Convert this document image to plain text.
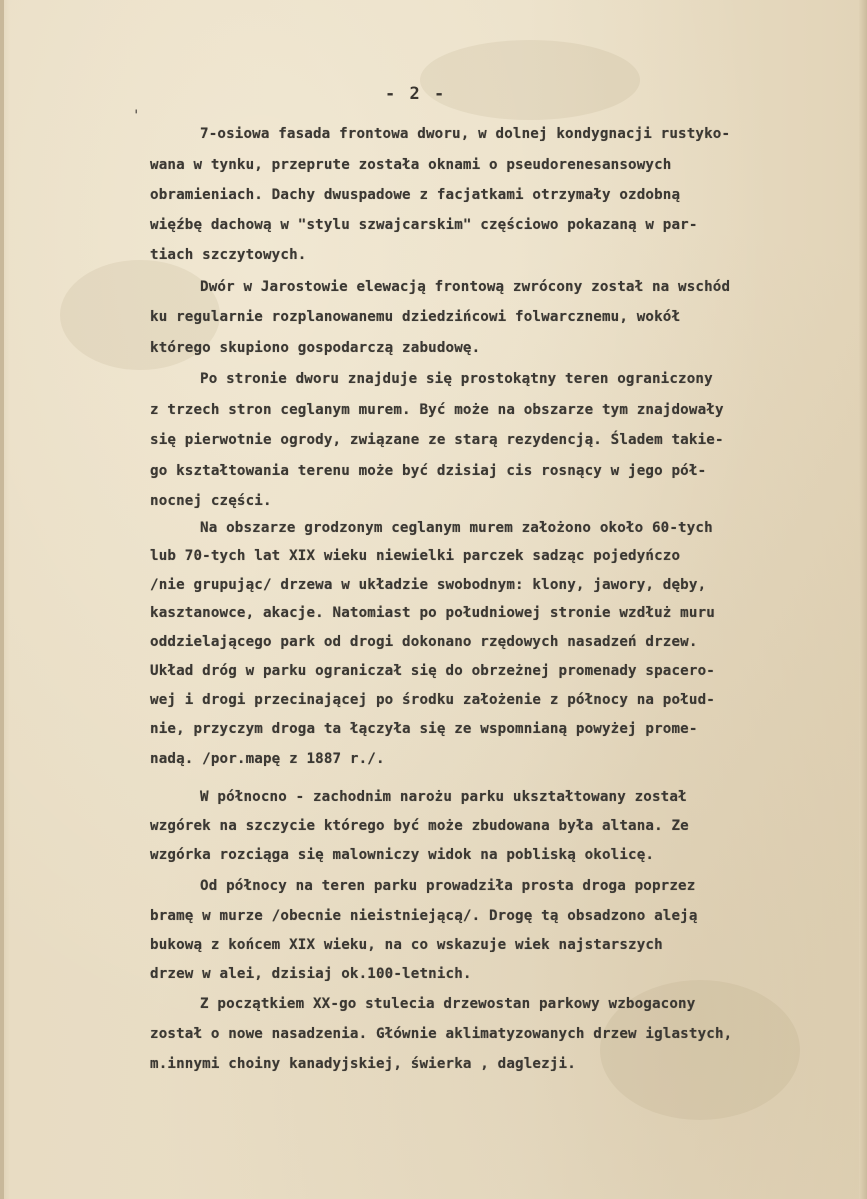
- 2 -
'
7-osiowa fasada frontowa dworu, w dolnej kondygnacji rustyko-
wana w tynku, przeprute została oknami o pseudorenesansowych
obramieniach. Dachy dwuspadowe z facjatkami otrzymały ozdobną
więźbę dachową w "stylu szwajcarskim" częściowo pokazaną w par-
tiach szczytowych.
Dwór w Jarostowie elewacją frontową zwrócony został na wschód
ku regularnie rozplanowanemu dziedzińcowi folwarcznemu, wokół
którego skupiono gospodarczą zabudowę.
Po stronie dworu znajduje się prostokątny teren ograniczony
z trzech stron ceglanym murem. Być może na obszarze tym znajdowały
się pierwotnie ogrody, związane ze starą rezydencją. Śladem takie-
go kształtowania terenu może być dzisiaj cis rosnący w jego pół-
nocnej części.
Na obszarze grodzonym ceglanym murem założono około 60-tych
lub 70-tych lat XIX wieku niewielki parczek sadząc pojedyńczo
/nie grupując/ drzewa w układzie swobodnym: klony, jawory, dęby,
kasztanowce, akacje. Natomiast po południowej stronie wzdłuż muru
oddzielającego park od drogi dokonano rzędowych nasadzeń drzew.
Układ dróg w parku ograniczał się do obrzeżnej promenady spacero-
wej i drogi przecinającej po środku założenie z północy na połud-
nie, przyczym droga ta łączyła się ze wspomnianą powyżej prome-
nadą. /por.mapę z 1887 r./.
W północno - zachodnim narożu parku ukształtowany został
wzgórek na szczycie którego być może zbudowana była altana. Ze
wzgórka rozciąga się malowniczy widok na pobliską okolicę.
Od północy na teren parku prowadziła prosta droga poprzez
bramę w murze /obecnie nieistniejącą/. Drogę tą obsadzono aleją
bukową z końcem XIX wieku, na co wskazuje wiek najstarszych
drzew w alei, dzisiaj ok.100-letnich.
Z początkiem XX-go stulecia drzewostan parkowy wzbogacony
został o nowe nasadzenia. Głównie aklimatyzowanych drzew iglastych,
m.innymi choiny kanadyjskiej, świerka , daglezji.
